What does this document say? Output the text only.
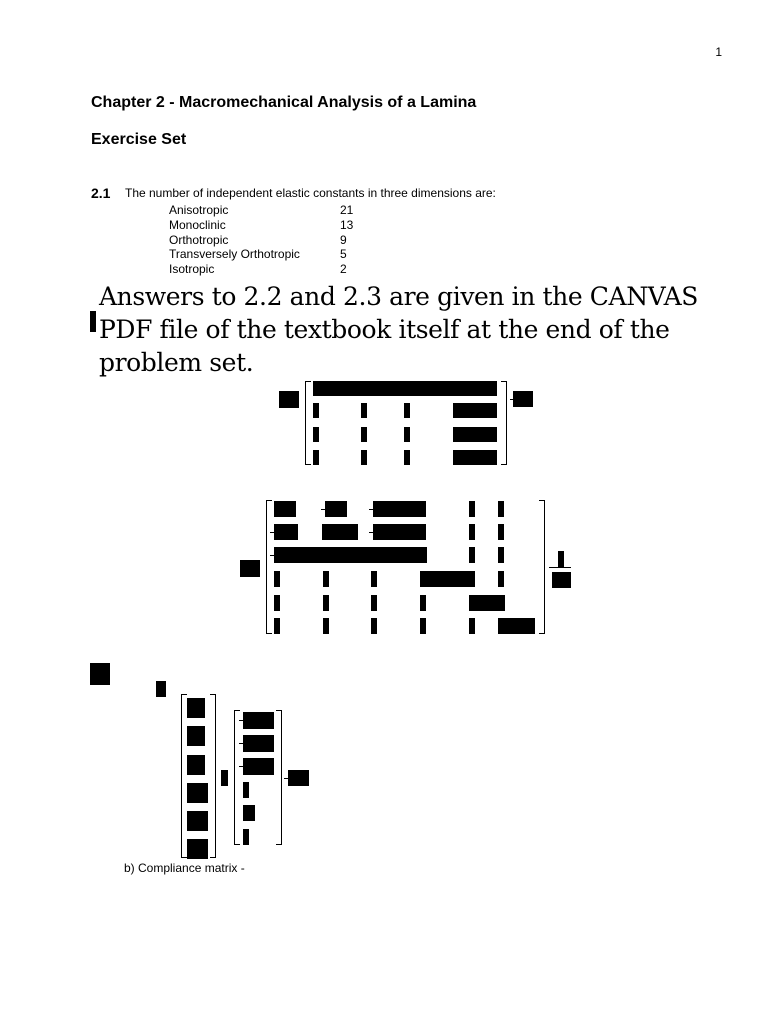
1
Chapter 2 - Macromechanical Analysis of a Lamina
Exercise Set
2.1 The number of independent elastic constants in three dimensions are:
Anisotropic	21
Monoclinic	13
Orthotropic	9
Transversely Orthotropic	5
Isotropic	2
Answers to 2.2 and 2.3 are given in the CANVAS PDF file of the textbook itself at the end of the problem set.
b) Compliance matrix -
